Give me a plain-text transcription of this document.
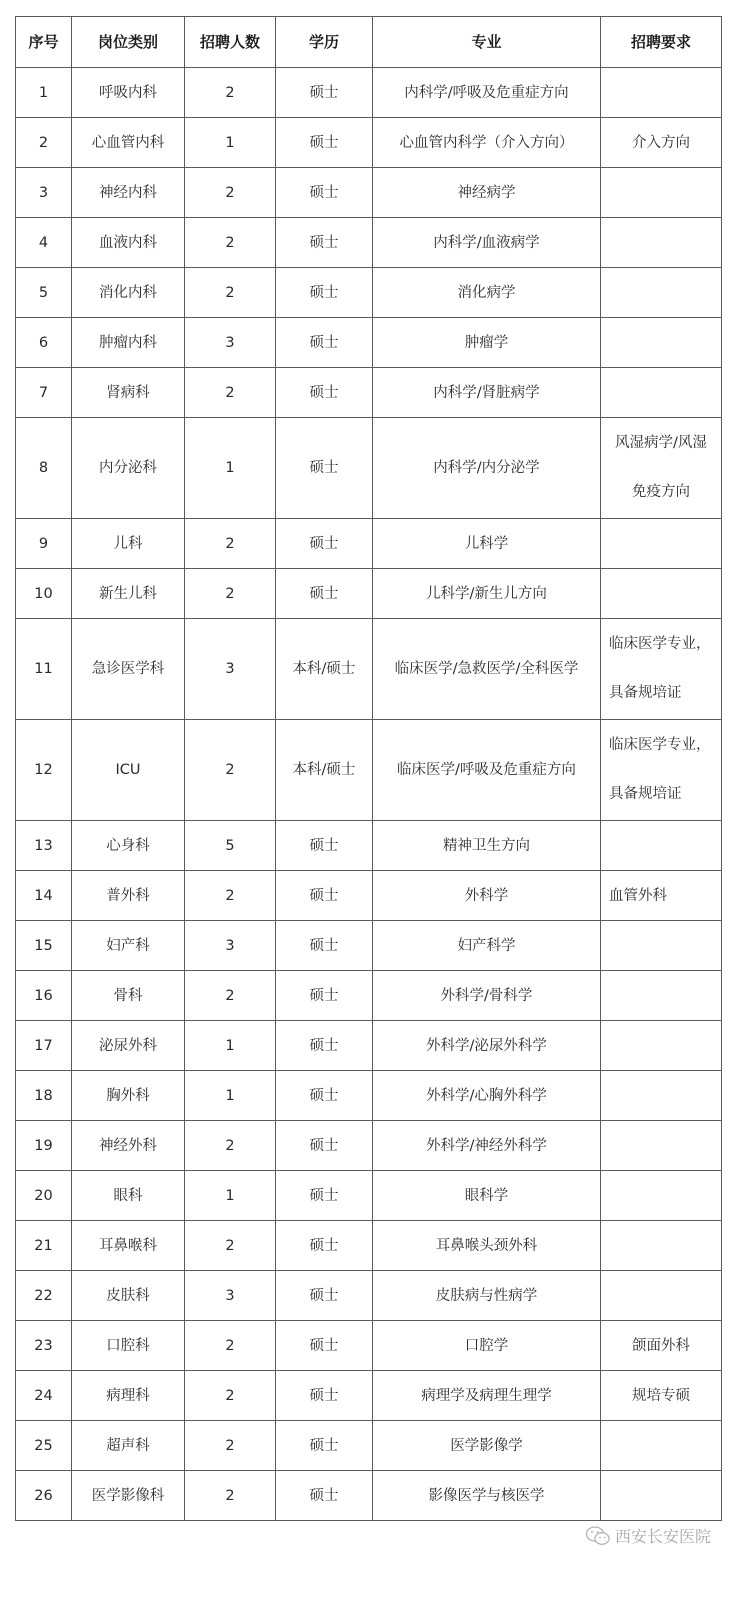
序号	岗位类别	招聘人数	学历	专业	招聘要求
1	呼吸内科	2	硕士	内科学/呼吸及危重症方向	
2	心血管内科	1	硕士	心血管内科学（介入方向）	介入方向
3	神经内科	2	硕士	神经病学	
4	血液内科	2	硕士	内科学/血液病学	
5	消化内科	2	硕士	消化病学	
6	肿瘤内科	3	硕士	肿瘤学	
7	肾病科	2	硕士	内科学/肾脏病学	
8	内分泌科	1	硕士	内科学/内分泌学	风湿病学/风湿
免疫方向

9	儿科	2	硕士	儿科学	
10	新生儿科	2	硕士	儿科学/新生儿方向	
11	急诊医学科	3	本科/硕士	临床医学/急救医学/全科医学	临床医学专业，
具备规培证

12	ICU	2	本科/硕士	临床医学/呼吸及危重症方向	临床医学专业，
具备规培证

13	心身科	5	硕士	精神卫生方向	
14	普外科	2	硕士	外科学	血管外科
15	妇产科	3	硕士	妇产科学	
16	骨科	2	硕士	外科学/骨科学	
17	泌尿外科	1	硕士	外科学/泌尿外科学	
18	胸外科	1	硕士	外科学/心胸外科学	
19	神经外科	2	硕士	外科学/神经外科学	
20	眼科	1	硕士	眼科学	
21	耳鼻喉科	2	硕士	耳鼻喉头颈外科	
22	皮肤科	3	硕士	皮肤病与性病学	
23	口腔科	2	硕士	口腔学	颌面外科
24	病理科	2	硕士	病理学及病理生理学	规培专硕
25	超声科	2	硕士	医学影像学	
26	医学影像科	2	硕士	影像医学与核医学	
西安长安医院
